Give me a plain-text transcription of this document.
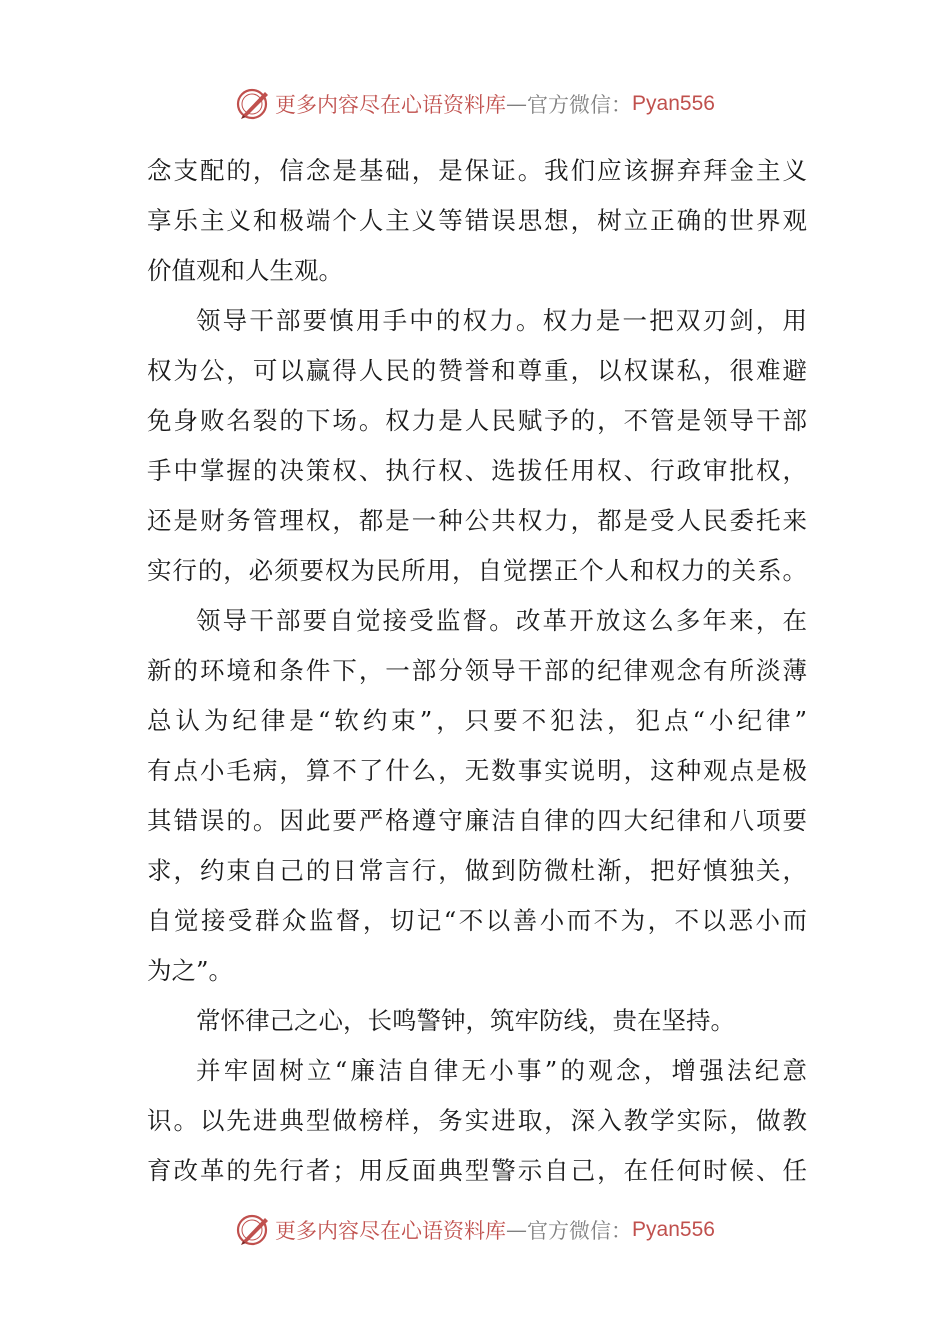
更多内容尽在心语资料库 — 官方微信： Pyan556
念支配的，信念是基础，是保证。我们应该摒弃拜金主义
享乐主义和极端个人主义等错误思想，树立正确的世界观
价值观和人生观。
领导干部要慎用手中的权力。权力是一把双刃剑，用
权为公，可以赢得人民的赞誉和尊重，以权谋私，很难避
免身败名裂的下场。权力是人民赋予的，不管是领导干部
手中掌握的决策权、执行权、选拔任用权、行政审批权，
还是财务管理权，都是一种公共权力，都是受人民委托来
实行的，必须要权为民所用，自觉摆正个人和权力的关系。
领导干部要自觉接受监督。改革开放这么多年来，在
新的环境和条件下，一部分领导干部的纪律观念有所淡薄
总认为纪律是“软约束”，只要不犯法，犯点“小纪律”
有点小毛病，算不了什么，无数事实说明，这种观点是极
其错误的。因此要严格遵守廉洁自律的四大纪律和八项要
求，约束自己的日常言行，做到防微杜渐，把好慎独关，
自觉接受群众监督，切记“不以善小而不为，不以恶小而
为之”。
常怀律己之心，长鸣警钟，筑牢防线，贵在坚持。
并牢固树立“廉洁自律无小事”的观念，增强法纪意
识。以先进典型做榜样，务实进取，深入教学实际，做教
育改革的先行者；用反面典型警示自己，在任何时候、任
更多内容尽在心语资料库 — 官方微信： Pyan556
